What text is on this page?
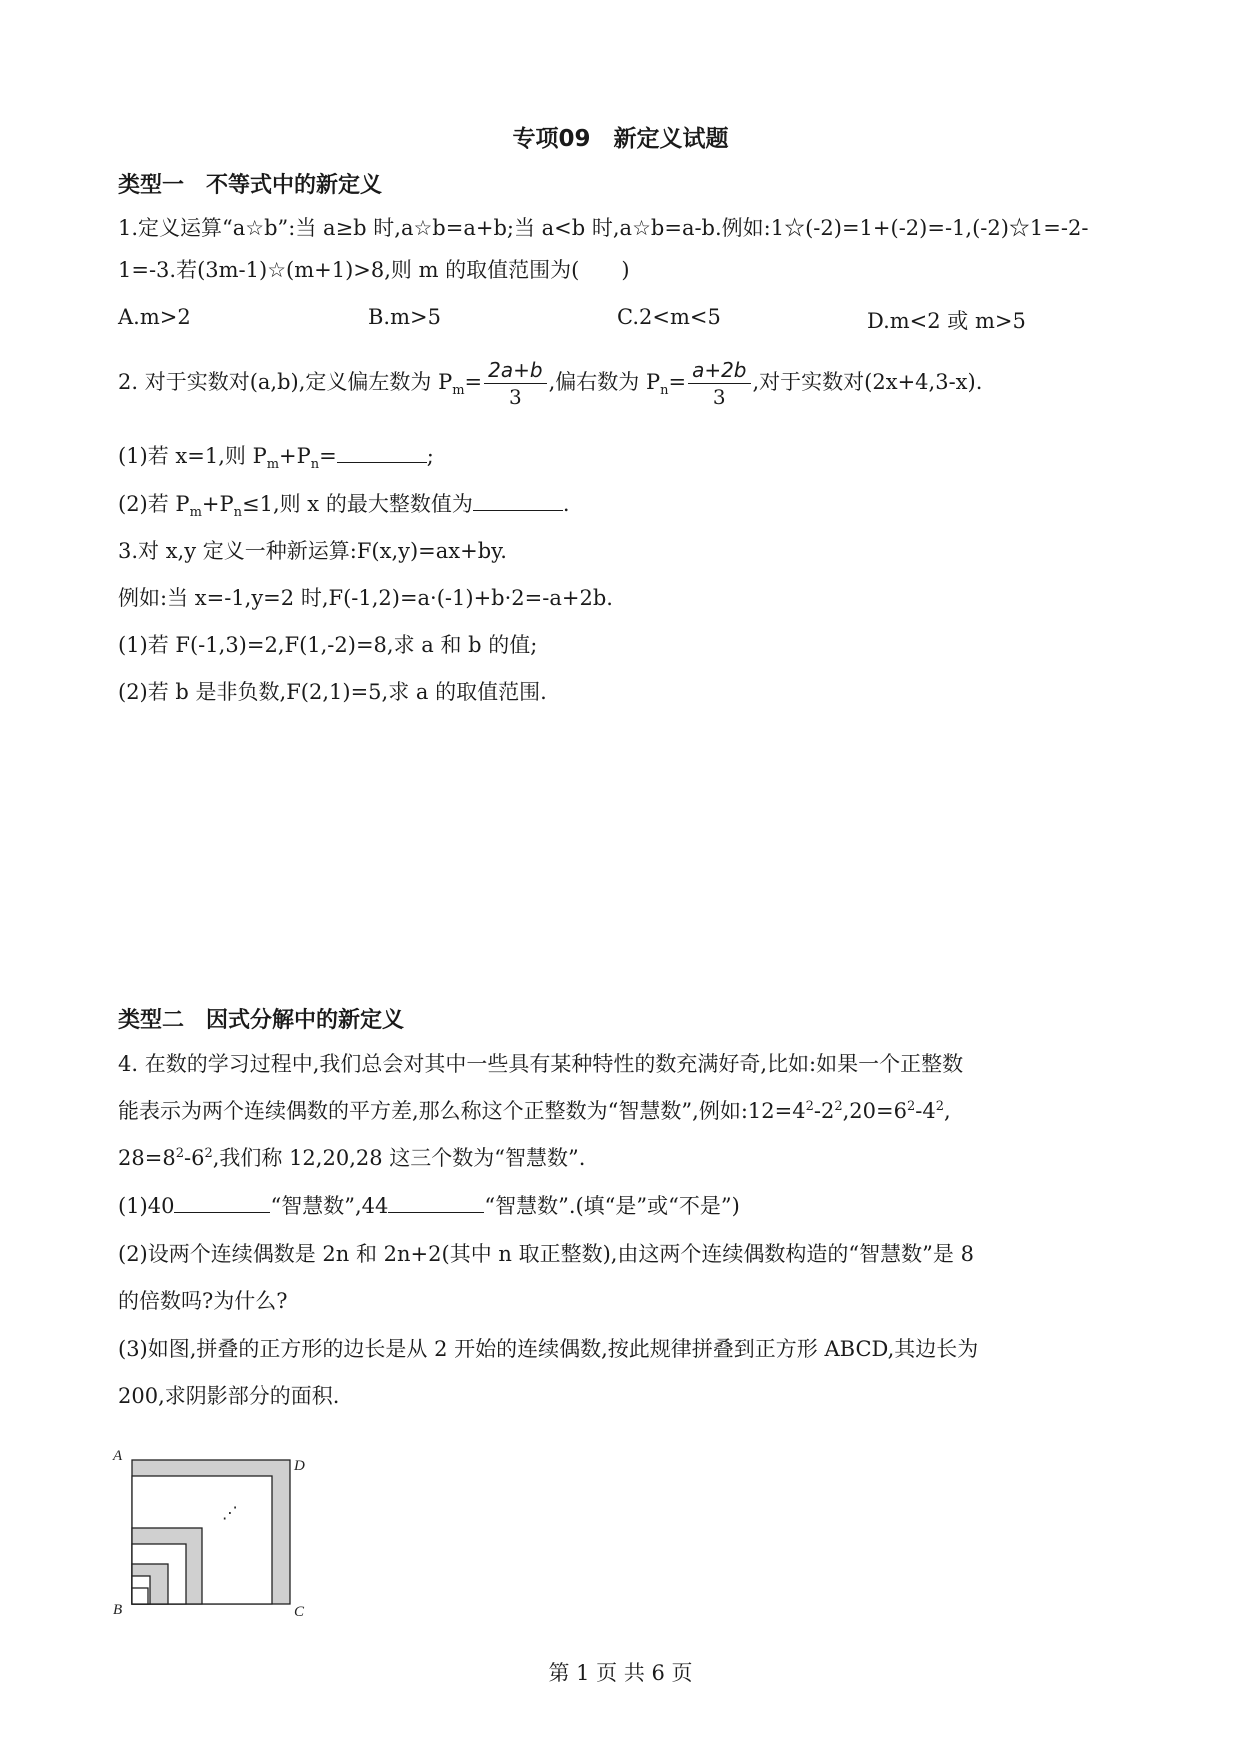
专项09　新定义试题
类型一　不等式中的新定义
1.定义运算“a☆b”:当 a≥b 时,a☆b=a+b;当 a<b 时,a☆b=a-b.例如:1☆(-2)=1+(-2)=-1,(-2)☆1=-2-
1=-3.若(3m-1)☆(m+1)>8,则 m 的取值范围为(　　)
A.m>2	B.m>5	C.2<m<5	D.m<2 或 m>5
2. 对于实数对(a,b),定义偏左数为 $P_m= \frac{2a+b}{3}$ ,偏右数为 $P_n= \frac{a+2b}{3}$ ,对于实数对(2x+4,3-x).
(1)若 x=1,则 $P_m+P_n=$	;
(2)若 $P_m+P_n\le 1$,则 x 的最大整数值为	.
3.对 x,y 定义一种新运算:F(x,y)=ax+by.
例如:当 x=-1,y=2 时,F(-1,2)=a·(-1)+b·2=-a+2b.
(1)若 F(-1,3)=2,F(1,-2)=8,求 a 和 b 的值;
(2)若 b 是非负数,F(2,1)=5,求 a 的取值范围.
类型二　因式分解中的新定义
4. 在数的学习过程中,我们总会对其中一些具有某种特性的数充满好奇,比如:如果一个正整数
能表示为两个连续偶数的平方差,那么称这个正整数为“智慧数”,例如$:12=4^2-2^2,20=6^2-4^2$,
$28=8^2-6^2$,我们称 12,20,28 这三个数为“智慧数”.
(1)40	“智慧数”,44	“智慧数”.(填“是”或“不是”)
(2)设两个连续偶数是 2n 和 2n+2(其中 n 取正整数),由这两个连续偶数构造的“智慧数”是 8
的倍数吗?为什么?
(3)如图,拼叠的正方形的边长是从 2 开始的连续偶数,按此规律拼叠到正方形 ABCD,其边长为
200,求阴影部分的面积.
A
D
B	C
⋰
第 1 页 共 6 页
